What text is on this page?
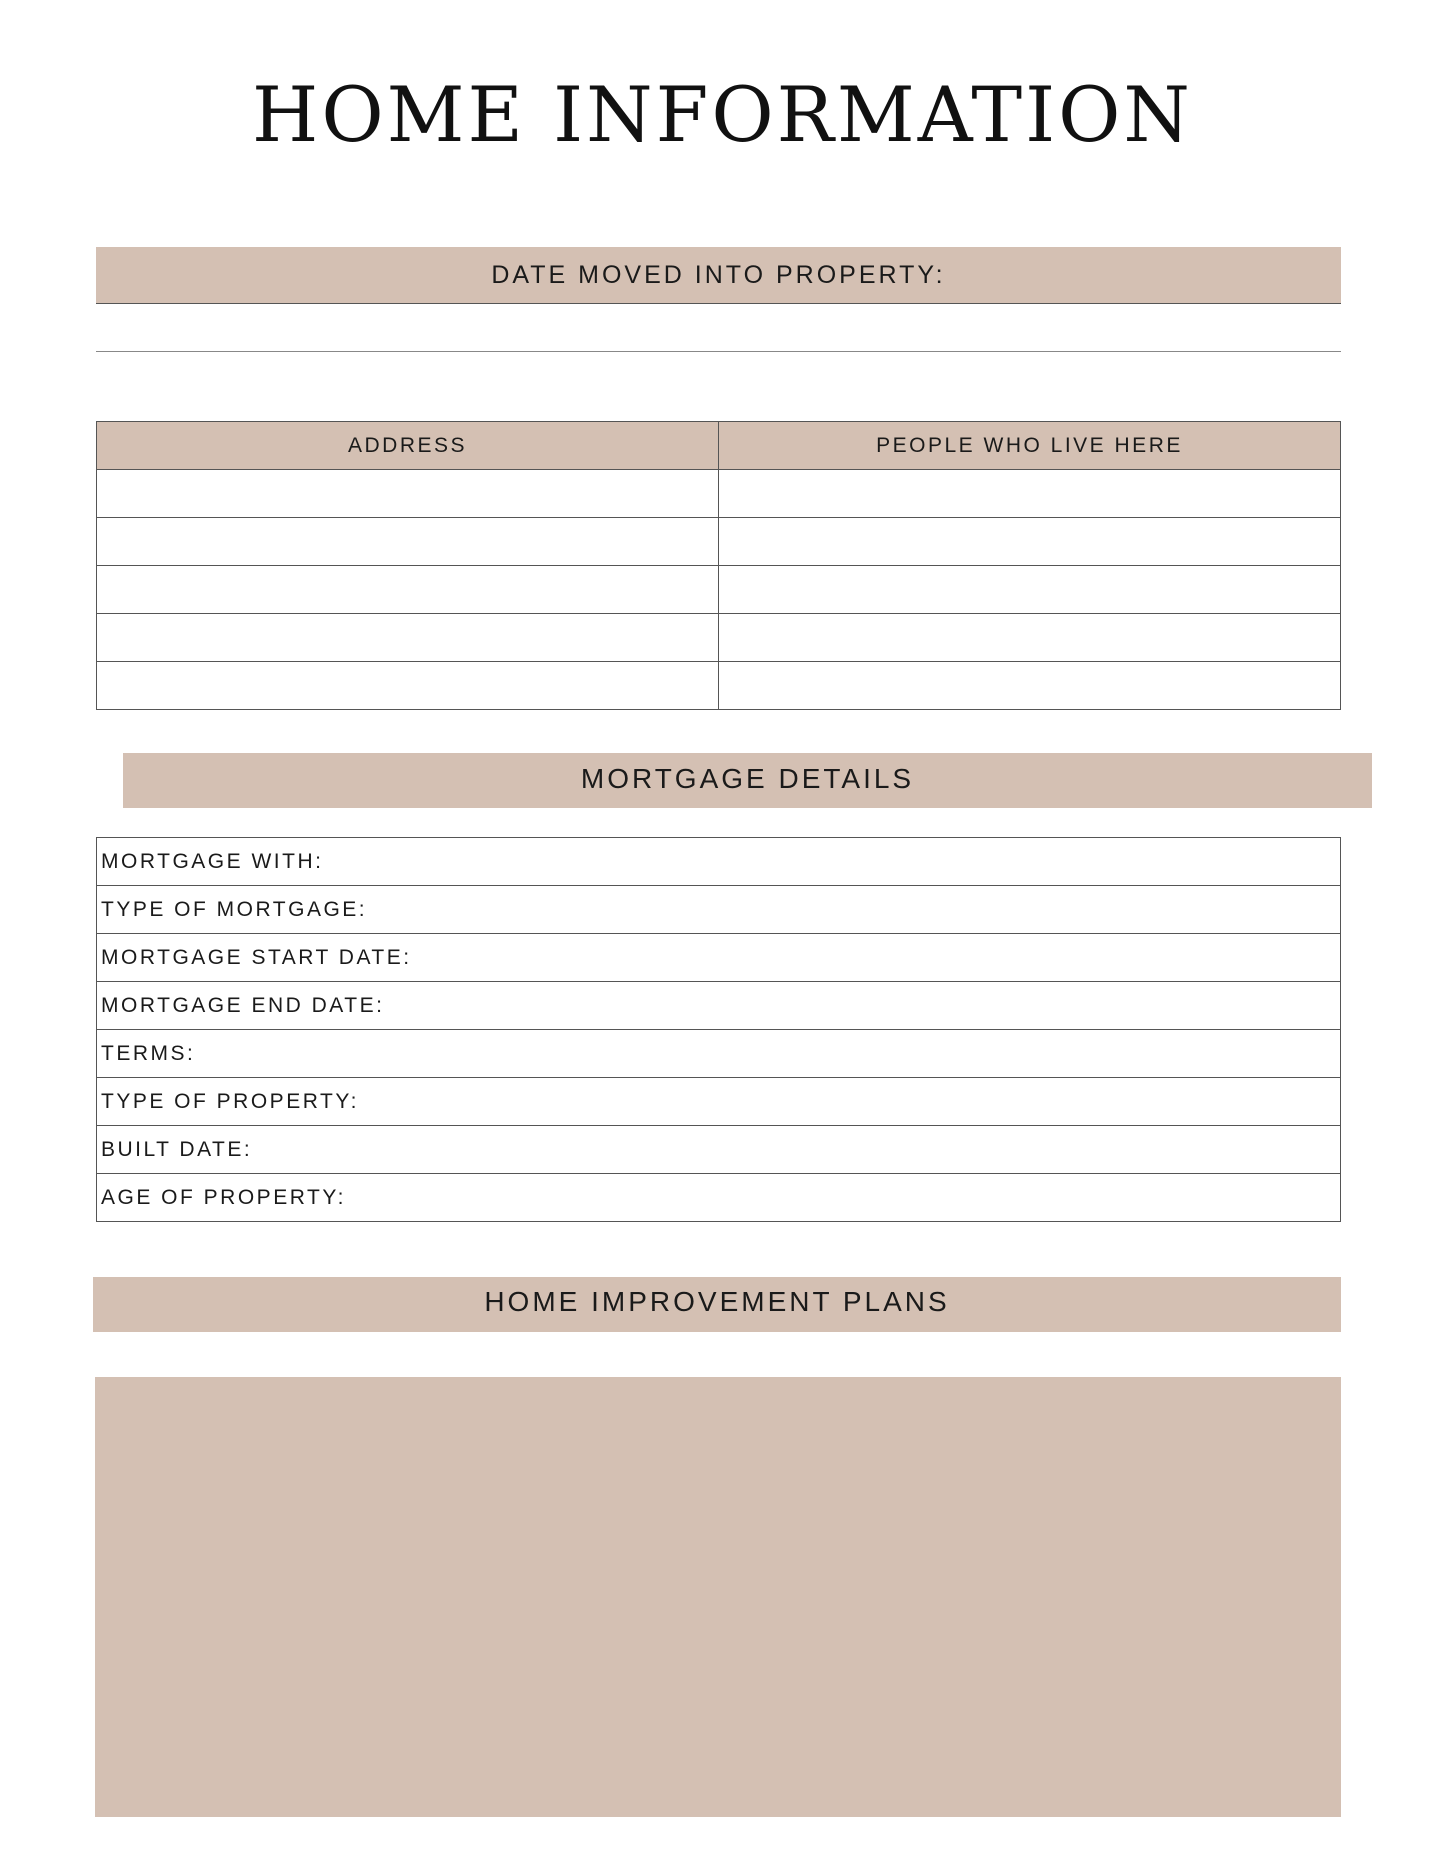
HOME INFORMATION
DATE MOVED INTO PROPERTY:
ADDRESS	PEOPLE WHO LIVE HERE

MORTGAGE DETAILS
MORTGAGE WITH:
TYPE OF MORTGAGE:
MORTGAGE START DATE:
MORTGAGE END DATE:
TERMS:
TYPE OF PROPERTY:
BUILT DATE:
AGE OF PROPERTY:
HOME IMPROVEMENT PLANS
